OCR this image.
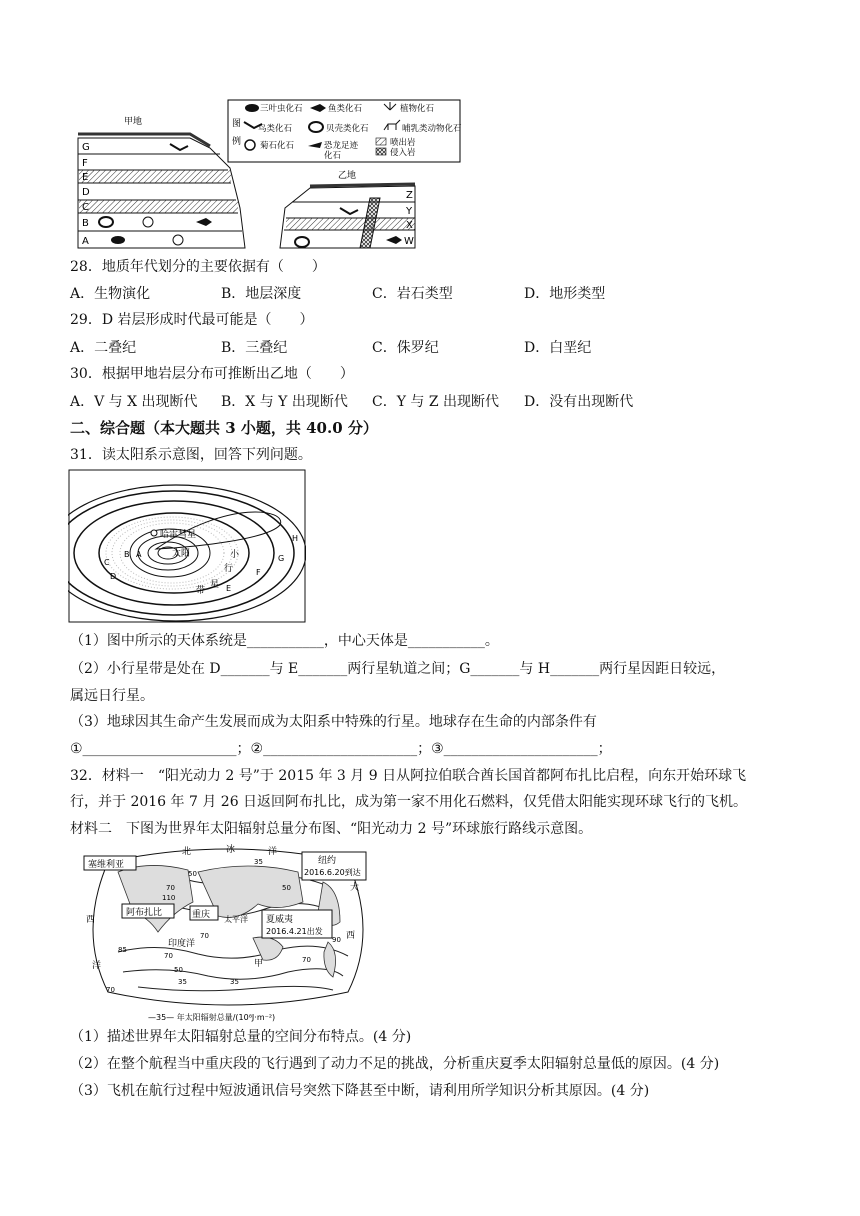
图
例
三叶虫化石	鱼类化石	植物化石
鸟类化石	贝壳类化石	哺乳类动物化石
菊石化石	恐龙足迹
化石
喷出岩
侵入岩
甲地
G
F
E
D
C
B
A
乙地
Z
Y
X
W
28．地质年代划分的主要依据有（　　）
A．生物演化	B．地层深度	C．岩石类型	D．地形类型
29．D 岩层形成时代最可能是（　　）
A．二叠纪	B．三叠纪	C．侏罗纪	D．白垩纪
30．根据甲地岩层分布可推断出乙地（　　）
A．V 与 X 出现断代 B．X 与 Y 出现断代 C．Y 与 Z 出现断代 D．没有出现断代
二、综合题（本大题共 3 小题，共 40.0 分）
31．读太阳系示意图，回答下列问题。
哈雷彗星
太阳
B A
C
D
E
F
G
H
小
行
星
带
（1）图中所示的天体系统是___________，中心天体是___________。
（2）小行星带是处在 D_______与 E_______两行星轨道之间；G_______与 H_______两行星因距日较远，
属远日行星。
（3）地球因其生命产生发展而成为太阳系中特殊的行星。地球存在生命的内部条件有
①______________________；②______________________；③______________________；
32．材料一　“阳光动力 2 号”于 2015 年 3 月 9 日从阿拉伯联合酋长国首都阿布扎比启程，向东开始环球飞
行，并于 2016 年 7 月 26 日返回阿布扎比，成为第一家不用化石燃料，仅凭借太阳能实现环球飞行的飞机。
材料二　下图为世界年太阳辐射总量分布图、“阳光动力 2 号”环球旅行路线示意图。
北	冰	洋
塞维利亚
阿布扎比	重庆	夏威夷
2016.4.21出发
纽约
2016.6.20到达
太平洋
印度洋
西
西
洋
大
甲
35
50
70
85
110
50
70
70
35
90
70
50
35
70
—35— 年太阳辐射总量/(10⁸J·m⁻²)
（1）描述世界年太阳辐射总量的空间分布特点。(4 分)
（2）在整个航程当中重庆段的飞行遇到了动力不足的挑战，分析重庆夏季太阳辐射总量低的原因。(4 分)
（3）飞机在航行过程中短波通讯信号突然下降甚至中断，请利用所学知识分析其原因。(4 分)
